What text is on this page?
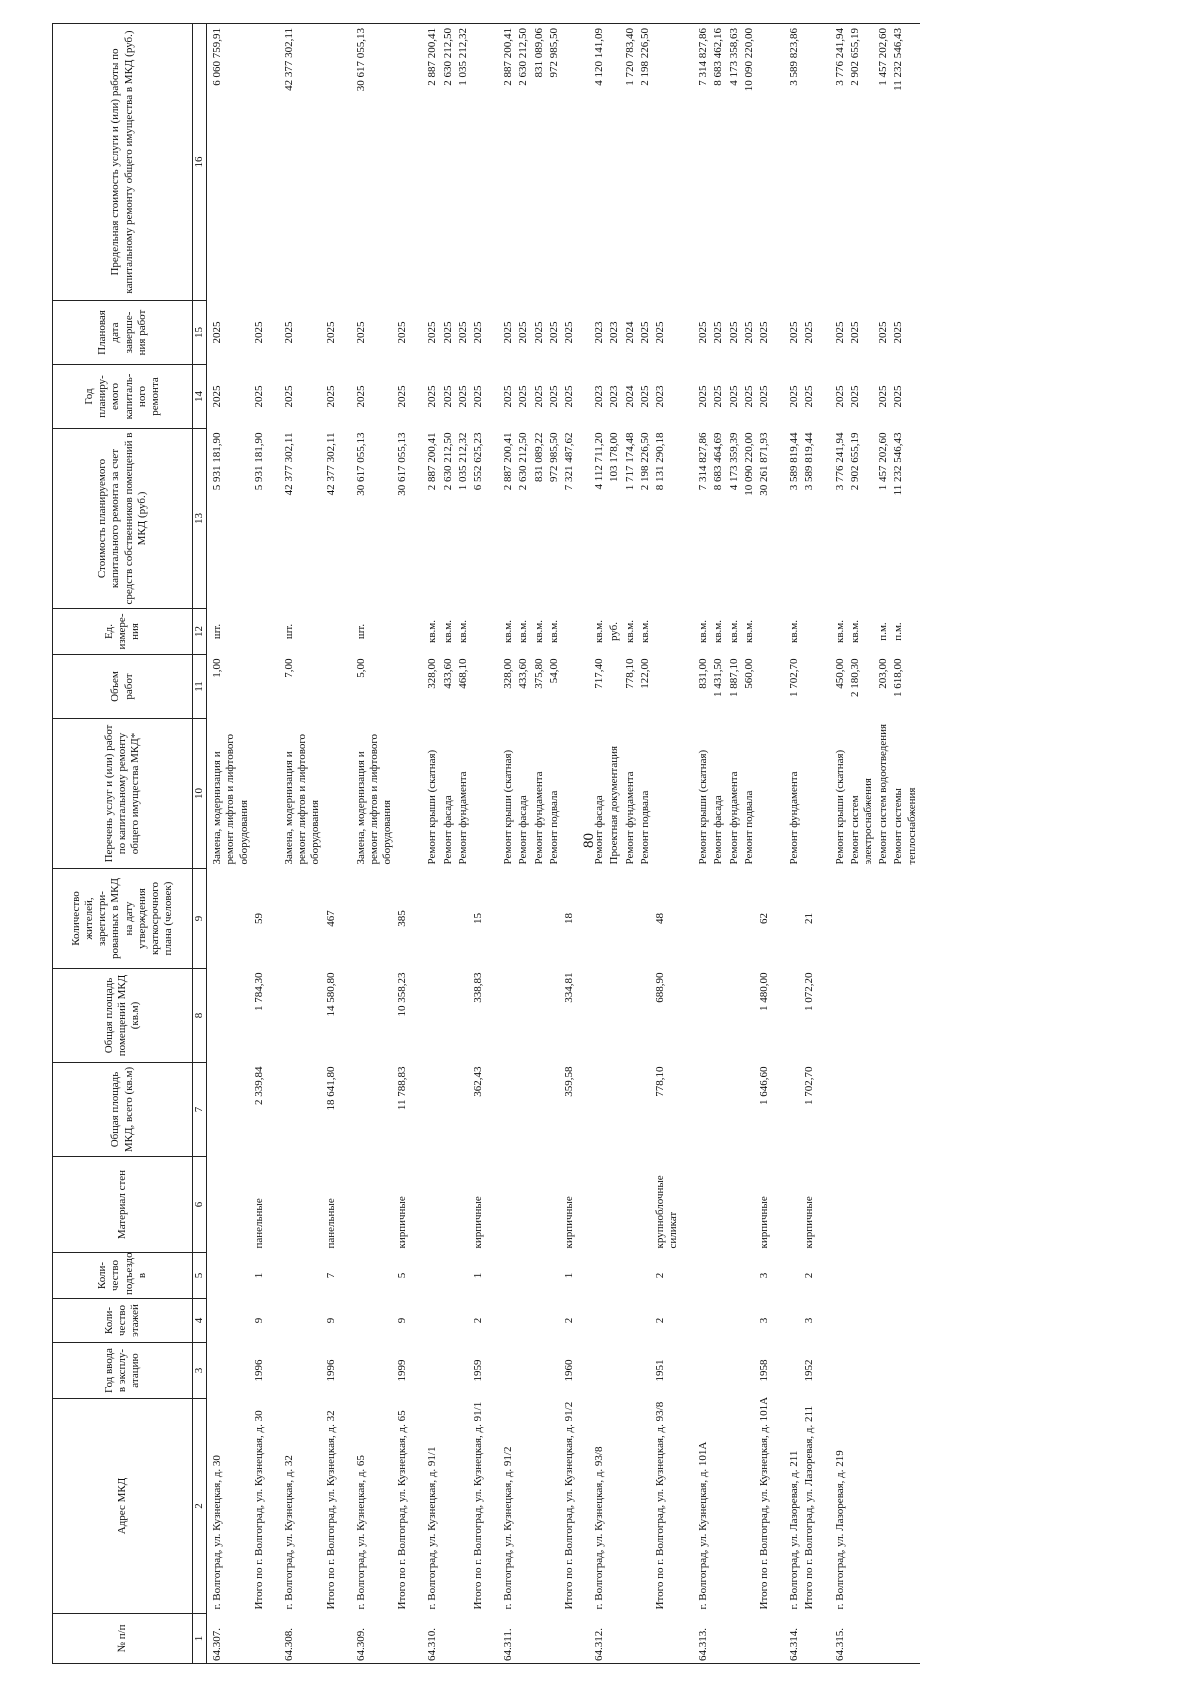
80
№ п/п	Адрес МКД	Год ввода в эксплу-атацию	Коли-чество этажей	Коли-чество подъездо в	Материал стен	Общая площадь МКД, всего (кв.м)	Общая площадь помещений МКД (кв.м)	Количество жителей, зарегистри-рованных в МКД на дату утверждения краткосрочного плана (человек)	Перечень услуг и (или) работ по капитальному ремонту общего имущества МКД*	Объем работ	Ед. измере-ния	Стоимость планируемого капитального ремонта за счет средств собственников помещений в МКД (руб.)	Год планиру-емого капиталь-ного ремонта	Плановая дата заверше-ния работ	Предельная стоимость услуги и (или) работы по капитальному ремонту общего имущества в МКД (руб.)
1	2	3	4	5	6	7	8	9	10	11	12	13	14	15	16
64.307.	г. Волгоград, ул. Кузнецкая, д. 30								Замена, модернизация и ремонт лифтов и лифтового оборудования	1,00	шт.	5 931 181,90	2025	2025	6 060 759,91
	Итого по г. Волгоград, ул. Кузнецкая, д. 30	1996	9	1	панельные	2 339,84	1 784,30	59				5 931 181,90	2025	2025	
64.308.	г. Волгоград, ул. Кузнецкая, д. 32								Замена, модернизация и ремонт лифтов и лифтового оборудования	7,00	шт.	42 377 302,11	2025	2025	42 377 302,11
	Итого по г. Волгоград, ул. Кузнецкая, д. 32	1996	9	7	панельные	18 641,80	14 580,80	467				42 377 302,11	2025	2025	
64.309.	г. Волгоград, ул. Кузнецкая, д. 65								Замена, модернизация и ремонт лифтов и лифтового оборудования	5,00	шт.	30 617 055,13	2025	2025	30 617 055,13
	Итого по г. Волгоград, ул. Кузнецкая, д. 65	1999	9	5	кирпичные	11 788,83	10 358,23	385				30 617 055,13	2025	2025	
64.310.	г. Волгоград, ул. Кузнецкая, д. 91/1								Ремонт крыши (скатная)	328,00	кв.м.	2 887 200,41	2025	2025	2 887 200,41
									Ремонт фасада	433,60	кв.м.	2 630 212,50	2025	2025	2 630 212,50
									Ремонт фундамента	468,10	кв.м.	1 035 212,32	2025	2025	1 035 212,32
	Итого по г. Волгоград, ул. Кузнецкая, д. 91/1	1959	2	1	кирпичные	362,43	338,83	15				6 552 625,23	2025	2025	
64.311.	г. Волгоград, ул. Кузнецкая, д. 91/2								Ремонт крыши (скатная)	328,00	кв.м.	2 887 200,41	2025	2025	2 887 200,41
									Ремонт фасада	433,60	кв.м.	2 630 212,50	2025	2025	2 630 212,50
									Ремонт фундамента	375,80	кв.м.	831 089,22	2025	2025	831 089,06
									Ремонт подвала	54,00	кв.м.	972 985,50	2025	2025	972 985,50
	Итого по г. Волгоград, ул. Кузнецкая, д. 91/2	1960	2	1	кирпичные	359,58	334,81	18				7 321 487,62	2025	2025	
64.312.	г. Волгоград, ул. Кузнецкая, д. 93/8								Ремонт фасада	717,40	кв.м.	4 112 711,20	2023	2023	4 120 141,09
									Проектная документация		руб.	103 178,00	2023	2023	
									Ремонт фундамента	778,10	кв.м.	1 717 174,48	2024	2024	1 720 783,40
									Ремонт подвала	122,00	кв.м.	2 198 226,50	2025	2025	2 198 226,50
	Итого по г. Волгоград, ул. Кузнецкая, д. 93/8	1951	2	2	крупноблочные силикат	778,10	688,90	48				8 131 290,18	2023	2025	
64.313.	г. Волгоград, ул. Кузнецкая, д. 101А								Ремонт крыши (скатная)	831,00	кв.м.	7 314 827,86	2025	2025	7 314 827,86
									Ремонт фасада	1 431,50	кв.м.	8 683 464,69	2025	2025	8 683 462,16
									Ремонт фундамента	1 887,10	кв.м.	4 173 359,39	2025	2025	4 173 358,63
									Ремонт подвала	560,00	кв.м.	10 090 220,00	2025	2025	10 090 220,00
	Итого по г. Волгоград, ул. Кузнецкая, д. 101А	1958	3	3	кирпичные	1 646,60	1 480,00	62				30 261 871,93	2025	2025	
64.314.	г. Волгоград, ул. Лазоревая, д. 211								Ремонт фундамента	1 702,70	кв.м.	3 589 819,44	2025	2025	3 589 823,86
	Итого по г. Волгоград, ул. Лазоревая, д. 211	1952	3	2	кирпичные	1 702,70	1 072,20	21				3 589 819,44	2025	2025	
64.315.	г. Волгоград, ул. Лазоревая, д. 219								Ремонт крыши (скатная)	450,00	кв.м.	3 776 241,94	2025	2025	3 776 241,94
									Ремонт систем электроснабжения	2 180,30	кв.м.	2 902 655,19	2025	2025	2 902 655,19
									Ремонт систем водоотведения	203,00	п.м.	1 457 202,60	2025	2025	1 457 202,60
									Ремонт системы теплоснабжения	1 618,00	п.м.	11 232 546,43	2025	2025	11 232 546,43
